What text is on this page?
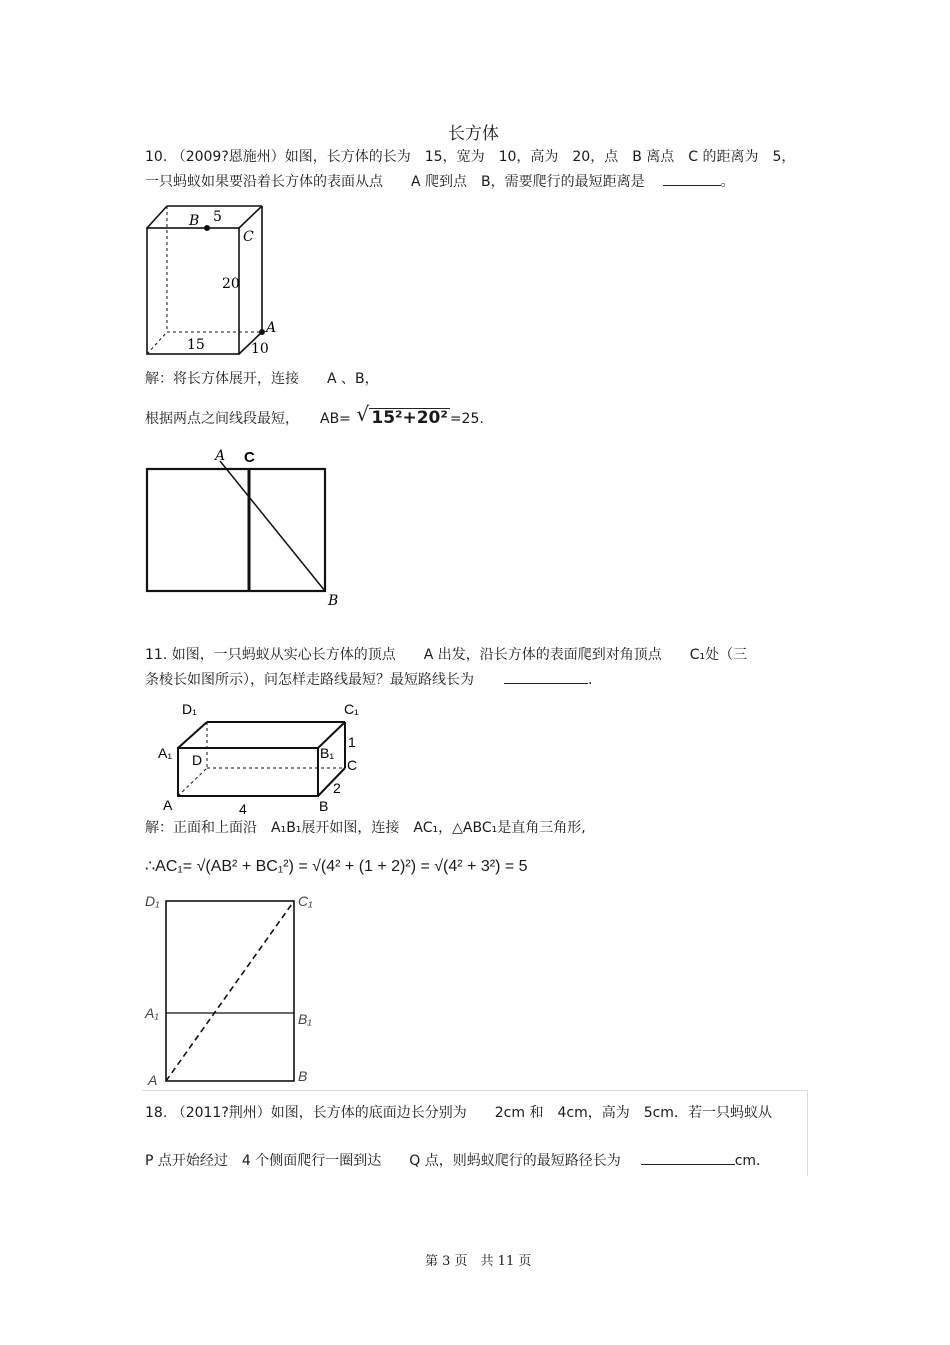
长方体
10. （2009?恩施州）如图，长方体的长为　15，宽为　10，高为　20，点　B 离点　C 的距离为　5，
一只蚂蚁如果要沿着长方体的表面从点　　A 爬到点　B，需要爬行的最短距离是	。
B 5
C
20
A
15	10
解：将长方体展开，连接　　A 、B，
根据两点之间线段最短，　　AB= √ 15²+20² =25.
A C
B
11. 如图，一只蚂蚁从实心长方体的顶点　　A 出发，沿长方体的表面爬到对角顶点　　C₁处（三
条棱长如图所示），问怎样走路线最短？最短路线长为	.
D₁	C₁
A₁ D	B₁
C
A	B
1
2
4
解：正面和上面沿　A₁B₁展开如图，连接　AC₁，△ABC₁是直角三角形,
∴AC₁= √(AB² + BC₁²) = √(4² + (1 + 2)²) = √(4² + 3²) = 5
D₁	C₁
A₁	B₁
A	B
18. （2011?荆州）如图，长方体的底面边长分别为　　2cm 和　4cm，高为　5cm．若一只蚂蚁从
P 点开始经过　4 个侧面爬行一圈到达　　Q 点，则蚂蚁爬行的最短路径长为	cm．
第 3 页　共 11 页
